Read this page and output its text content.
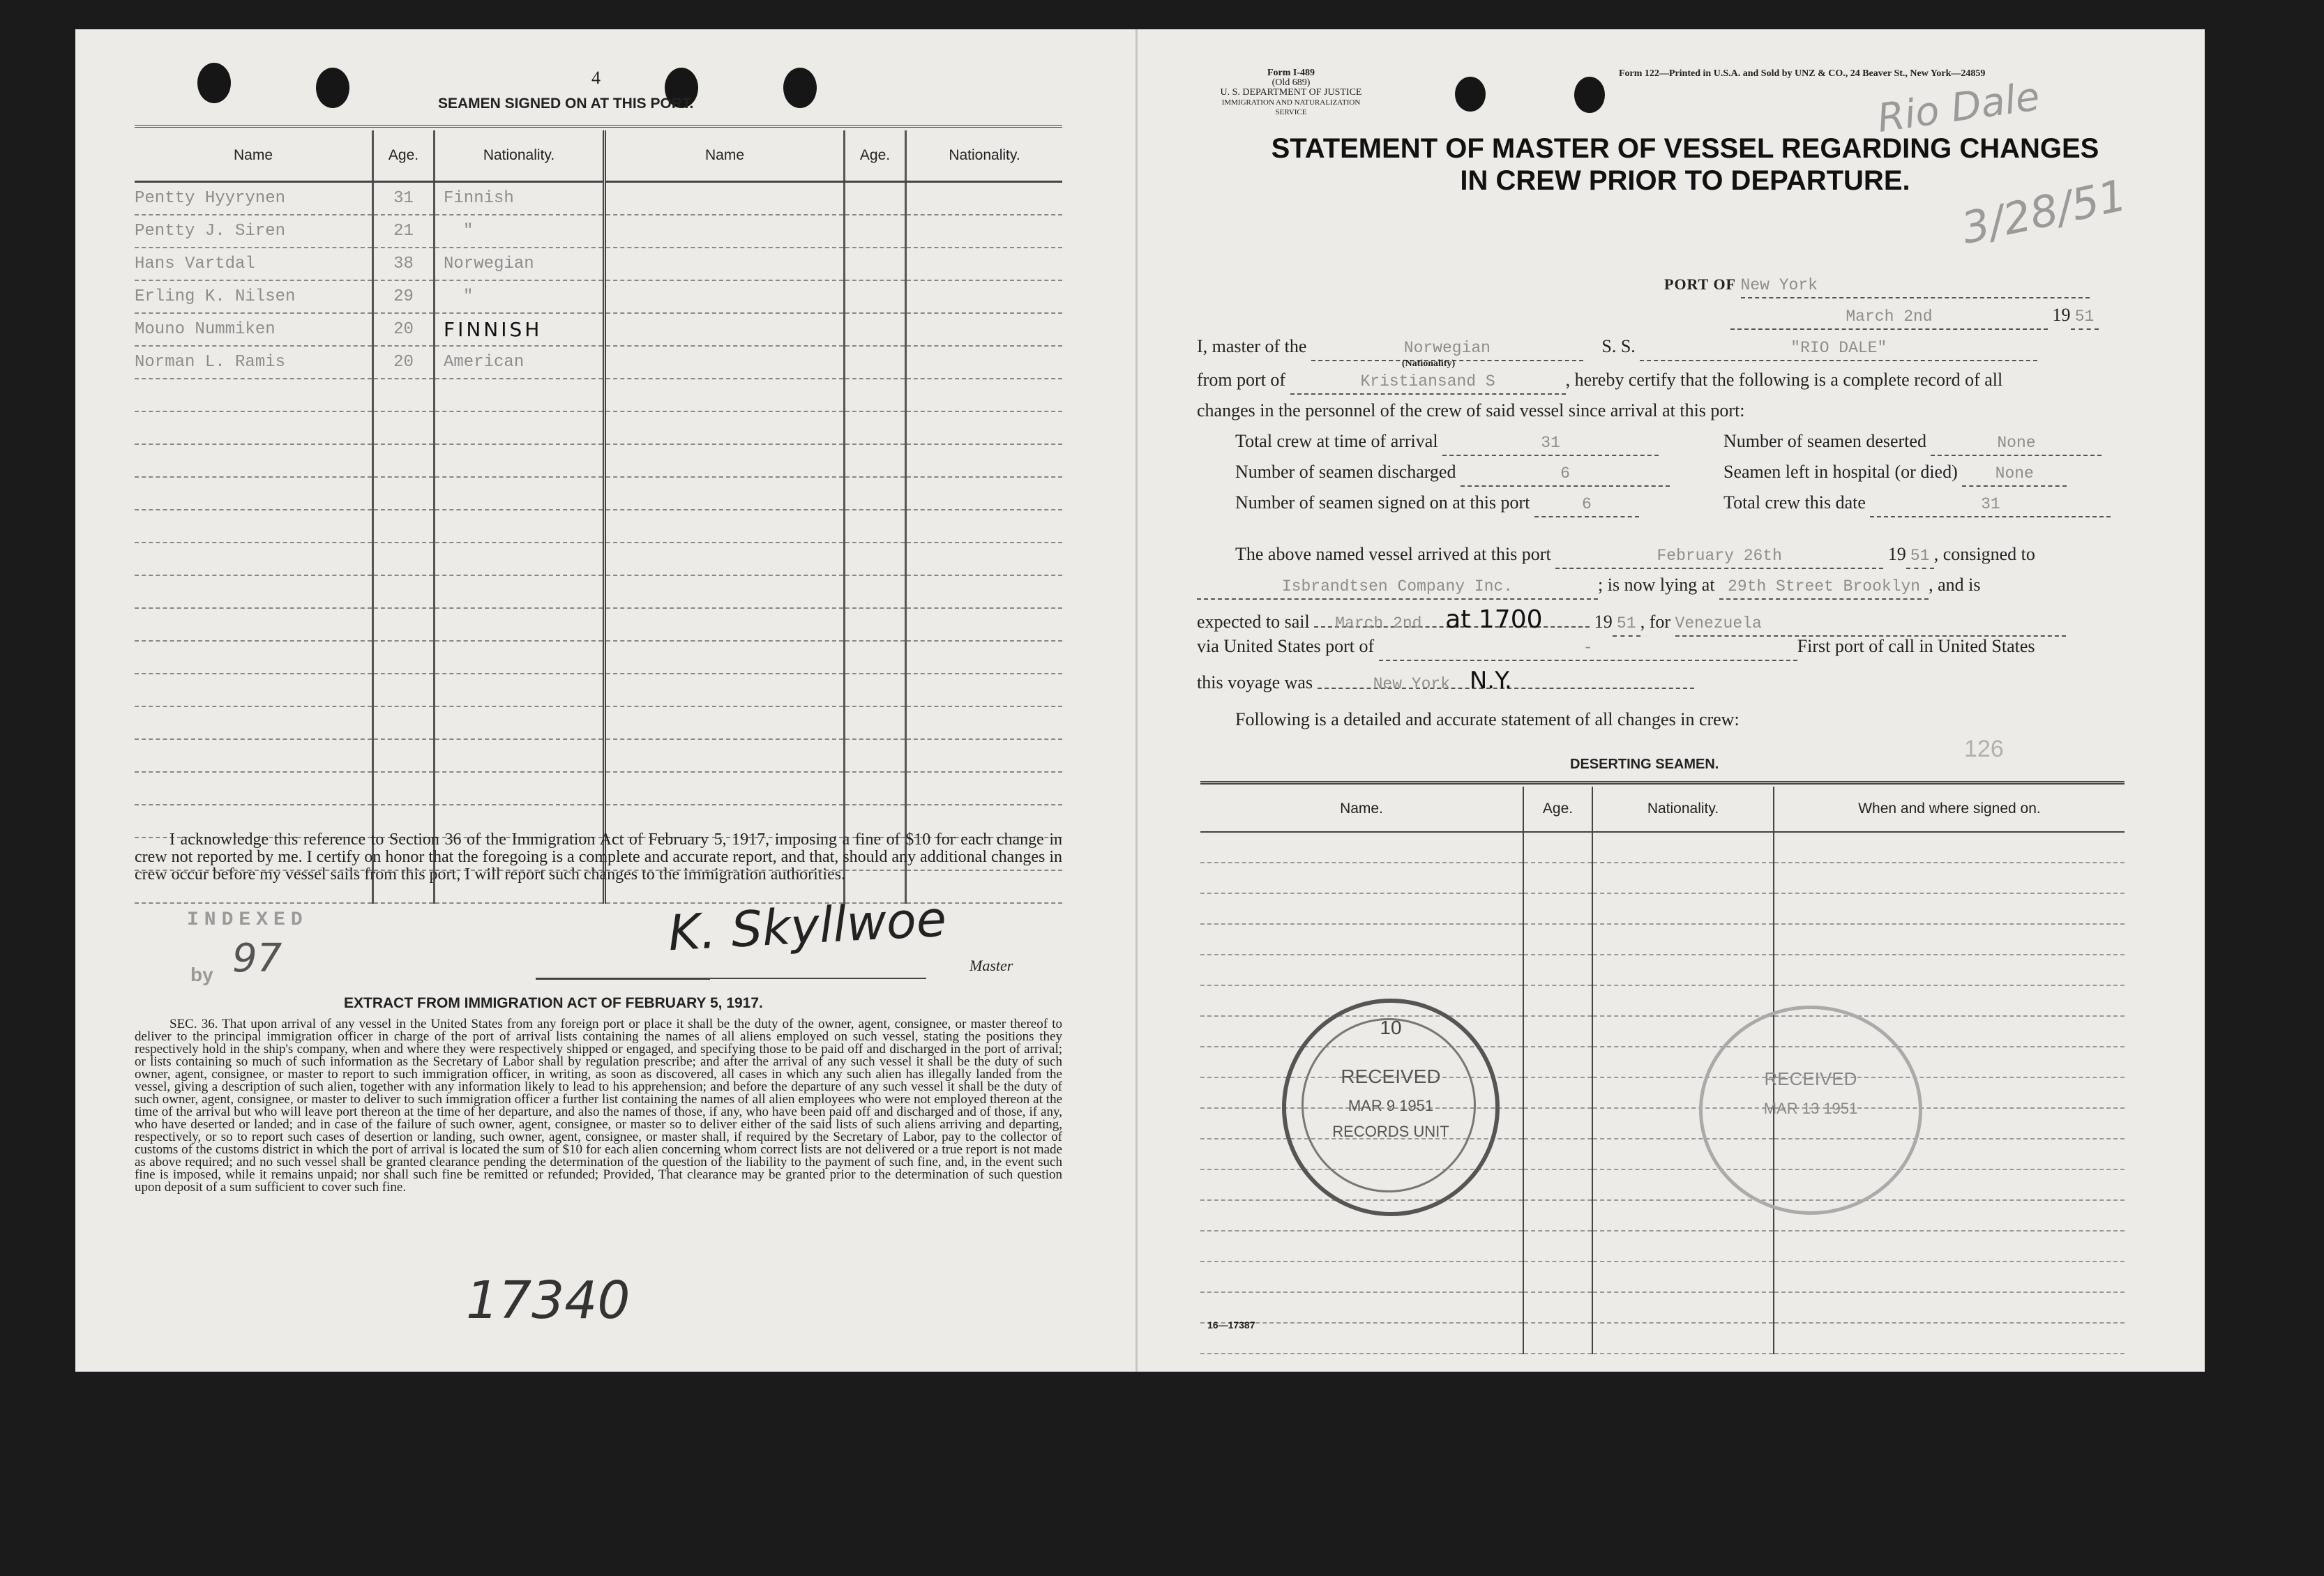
4
SEAMEN SIGNED ON AT THIS PORT.
Name	Age.	Nationality.	Name	Age.	Nationality.
Pentty Hyyrynen	31	Finnish			
Pentty J. Siren	21	"			
Hans Vartdal	38	Norwegian			
Erling K. Nilsen	29	"			
Mouno Nummiken	20	FINNISH			
Norman L. Ramis	20	American			

I acknowledge this reference to Section 36 of the Immigration Act of February 5, 1917, imposing a fine of $10 for each change in crew not reported by me. I certify on honor that the foregoing is a complete and accurate report, and that, should any additional changes in crew occur before my vessel sails from this port, I will report such changes to the immigration authorities.
INDEXED
by 97	K. Skyllwoe
Master
EXTRACT FROM IMMIGRATION ACT OF FEBRUARY 5, 1917.
SEC. 36. That upon arrival of any vessel in the United States from any foreign port or place it shall be the duty of the owner, agent, consignee, or master thereof to deliver to the principal immigration officer in charge of the port of arrival lists containing the names of all aliens employed on such vessel, stating the positions they respectively hold in the ship's company, when and where they were respectively shipped or engaged, and specifying those to be paid off and discharged in the port of arrival; or lists containing so much of such information as the Secretary of Labor shall by regulation prescribe; and after the arrival of any such vessel it shall be the duty of such owner, agent, consignee, or master to report to such immigration officer, in writing, as soon as discovered, all cases in which any such alien has illegally landed from the vessel, giving a description of such alien, together with any information likely to lead to his apprehension; and before the departure of any such vessel it shall be the duty of such owner, agent, consignee, or master to deliver to such immigration officer a further list containing the names of all alien employees who were not employed thereon at the time of the arrival but who will leave port thereon at the time of her departure, and also the names of those, if any, who have been paid off and discharged and of those, if any, who have deserted or landed; and in case of the failure of such owner, agent, consignee, or master so to deliver either of the said lists of such aliens arriving and departing, respectively, or so to report such cases of desertion or landing, such owner, agent, consignee, or master shall, if required by the Secretary of Labor, pay to the collector of customs of the customs district in which the port of arrival is located the sum of $10 for each alien concerning whom correct lists are not delivered or a true report is not made as above required; and no such vessel shall be granted clearance pending the determination of the question of the liability to the payment of such fine, and, in the event such fine is imposed, while it remains unpaid; nor shall such fine be remitted or refunded; Provided, That clearance may be granted prior to the determination of such question upon deposit of a sum sufficient to cover such fine.
17340
Form I-489
(Old 689)
U. S. DEPARTMENT OF JUSTICE
IMMIGRATION AND NATURALIZATION SERVICE
Form 122—Printed in U.S.A. and Sold by UNZ & CO., 24 Beaver St., New York—24859
STATEMENT OF MASTER OF VESSEL REGARDING CHANGES
IN CREW PRIOR TO DEPARTURE.
Rio Dale
3/28/51
PORT OF New York
March 2nd	19 51
I, master of the	Norwegian
(Nationality)
S. S.	"RIO DALE"
from port of	Kristiansand S	, hereby certify that the following is a complete record of all
changes in the personnel of the crew of said vessel since arrival at this port:
Total crew at time of arrival	31	Number of seamen deserted	None
Number of seamen discharged	6	Seamen left in hospital (or died) None
Number of seamen signed on at this port	6	Total crew this date	31
The above named vessel arrived at this port	February 26th	19 51 , consigned to
Isbrandtsen Company Inc.	; is now lying at 29th Street Brooklyn , and is
expected to sail March 2nd at 1700	19 51 , for Venezuela
via United States port of	-	First port of call in United States
this voyage was	New York N.Y.
Following is a detailed and accurate statement of all changes in crew:
126
DESERTING SEAMEN.
Name.	Age.	Nationality.	When and where signed on.

10
RECEIVED
MAR 9 1951
RECORDS UNIT
RECEIVED
MAR 13 1951
16—17387
